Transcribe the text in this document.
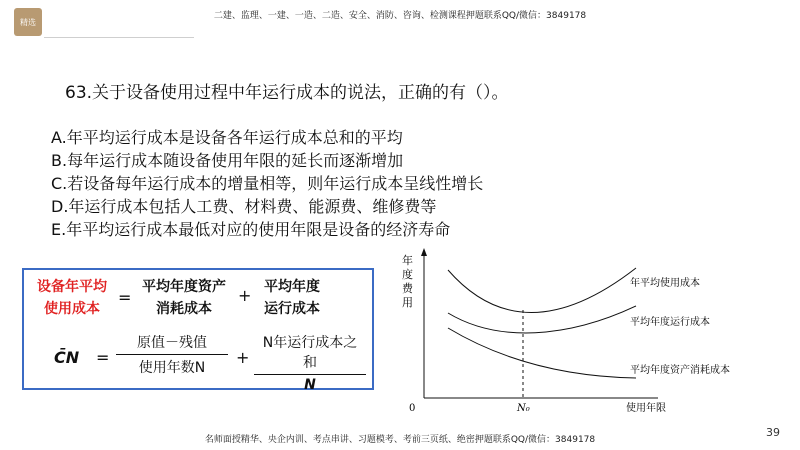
精选
二建、监理、一建、一造、二造、安全、消防、咨询、检测课程押题联系QQ/微信：3849178
63.关于设备使用过程中年运行成本的说法，正确的有（）。
A.年平均运行成本是设备各年运行成本总和的平均
B.每年运行成本随设备使用年限的延长而逐渐增加
C.若设备每年运行成本的增量相等，则年运行成本呈线性增长
D.年运行成本包括人工费、材料费、能源费、维修费等
E.年平均运行成本最低对应的使用年限是设备的经济寿命
设备年平均
使用成本
=
平均年度资产
消耗成本
+ 平均年度
运行成本
C̄N =
原值－残值
使用年数N
+
N年运行成本之和
N
年度费用
0	使用年限
N₀
年平均使用成本
平均年度运行成本
平均年度资产消耗成本
39
名师面授精华、央企内训、考点串讲、习题模考、考前三页纸、绝密押题联系QQ/微信：3849178
